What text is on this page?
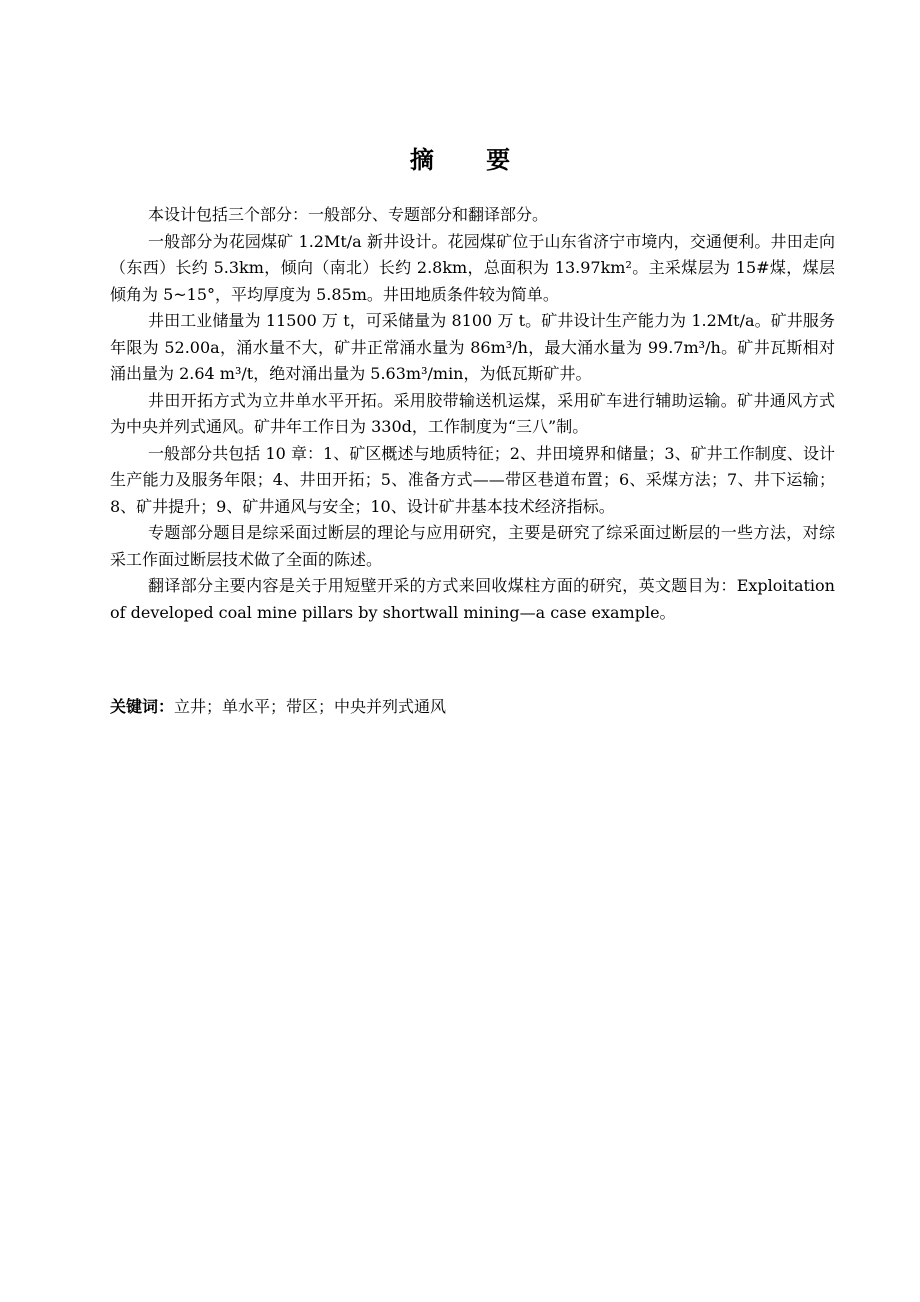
摘 要

本设计包括三个部分：一般部分、专题部分和翻译部分。

一般部分为花园煤矿 1.2Mt/a 新井设计。花园煤矿位于山东省济宁市境内，交通便利。井田走向（东西）长约 5.3km，倾向（南北）长约 2.8km，总面积为 13.97km²。主采煤层为 15#煤，煤层倾角为 5~15°，平均厚度为 5.85m。井田地质条件较为简单。

井田工业储量为 11500 万 t，可采储量为 8100 万 t。矿井设计生产能力为 1.2Mt/a。矿井服务年限为 52.00a，涌水量不大，矿井正常涌水量为 86m³/h，最大涌水量为 99.7m³/h。矿井瓦斯相对涌出量为 2.64 m³/t，绝对涌出量为 5.63m³/min，为低瓦斯矿井。

井田开拓方式为立井单水平开拓。采用胶带输送机运煤，采用矿车进行辅助运输。矿井通风方式为中央并列式通风。矿井年工作日为 330d，工作制度为“三八”制。

一般部分共包括 10 章：1、矿区概述与地质特征；2、井田境界和储量；3、矿井工作制度、设计生产能力及服务年限；4、井田开拓；5、准备方式——带区巷道布置；6、采煤方法；7、井下运输；8、矿井提升；9、矿井通风与安全；10、设计矿井基本技术经济指标。

专题部分题目是综采面过断层的理论与应用研究，主要是研究了综采面过断层的一些方法，对综采工作面过断层技术做了全面的陈述。

翻译部分主要内容是关于用短壁开采的方式来回收煤柱方面的研究，英文题目为：Exploitation of developed coal mine pillars by shortwall mining—a case example。

关键词：立井；单水平；带区；中央并列式通风
